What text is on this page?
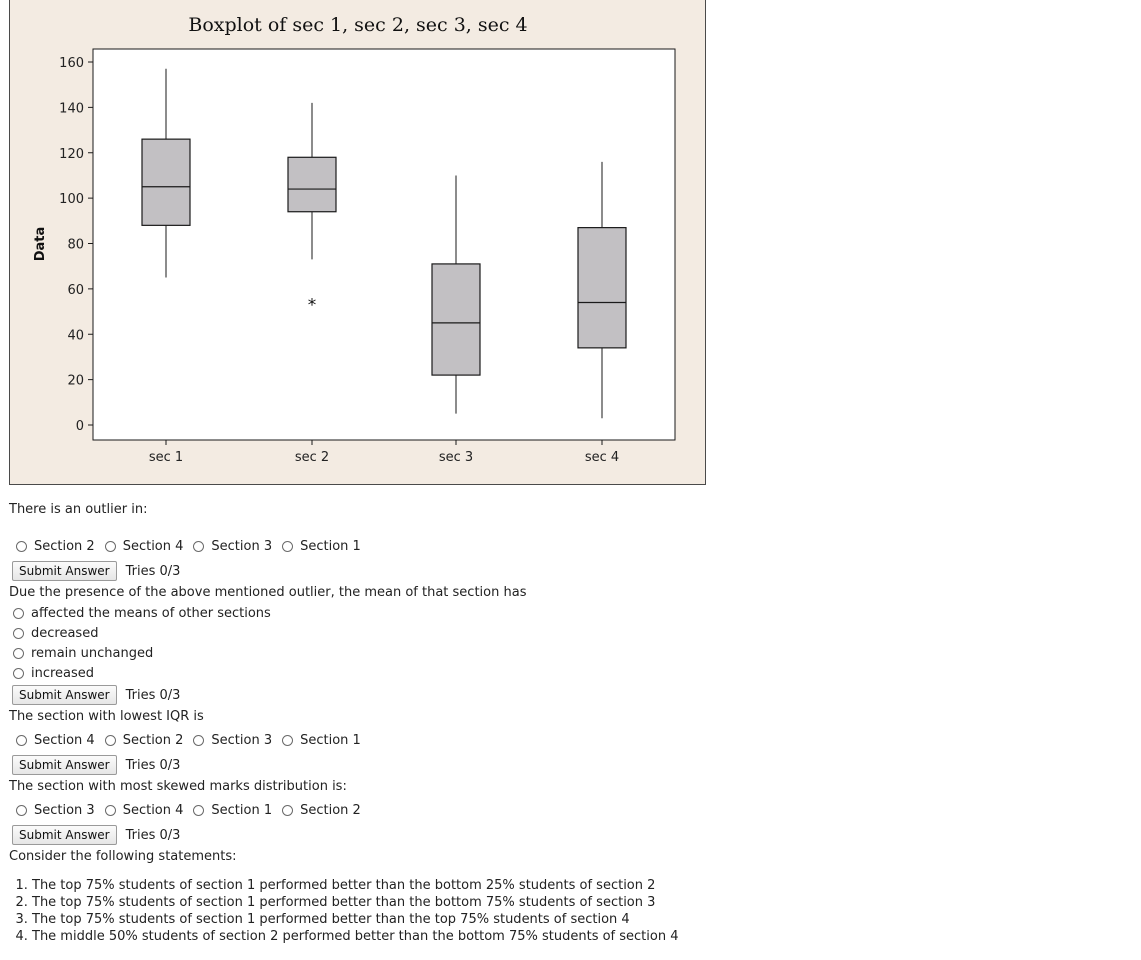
Boxplot of sec 1, sec 2, sec 3, sec 4
Data
0
20
40
60
80
100
120
140
160
sec 1
*
sec 2	sec 3	sec 4
There is an outlier in:
Section 2 Section 4 Section 3 Section 1
Submit Answer	Tries 0/3
Due the presence of the above mentioned outlier, the mean of that section has
affected the means of other sections
decreased
remain unchanged
increased
Submit Answer	Tries 0/3
The section with lowest IQR is
Section 4 Section 2 Section 3 Section 1
Submit Answer	Tries 0/3
The section with most skewed marks distribution is:
Section 3 Section 4 Section 1 Section 2
Submit Answer	Tries 0/3
Consider the following statements:
1. The top 75% students of section 1 performed better than the bottom 25% students of section 2
2. The top 75% students of section 1 performed better than the bottom 75% students of section 3
3. The top 75% students of section 1 performed better than the top 75% students of section 4
4. The middle 50% students of section 2 performed better than the bottom 75% students of section 4
